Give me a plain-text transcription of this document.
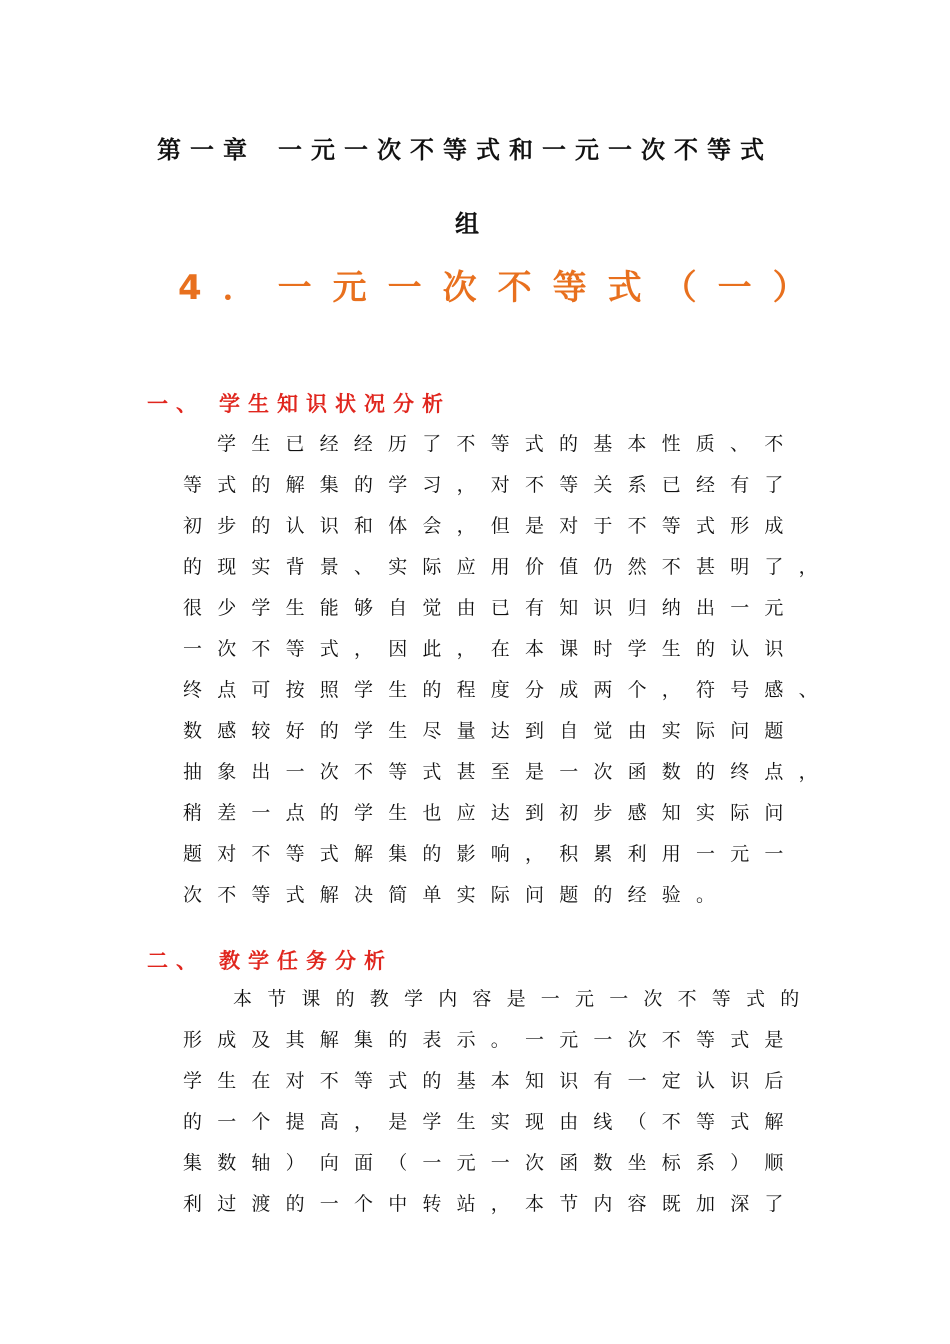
第一章 一元一次不等式和一元一次不等式
组
4．一元一次不等式（一）
一、 学生知识状况分析
学生已经经历了不等式的基本性质、不
等式的解集的学习，对不等关系已经有了
初步的认识和体会，但是对于不等式形成
的现实背景、实际应用价值仍然不甚明了，
很少学生能够自觉由已有知识归纳出一元
一次不等式，因此，在本课时学生的认识
终点可按照学生的程度分成两个，符号感、
数感较好的学生尽量达到自觉由实际问题
抽象出一次不等式甚至是一次函数的终点，
稍差一点的学生也应达到初步感知实际问
题对不等式解集的影响，积累利用一元一
次不等式解决简单实际问题的经验。
二、 教学任务分析
本节课的教学内容是一元一次不等式的
形成及其解集的表示。一元一次不等式是
学生在对不等式的基本知识有一定认识后
的一个提高，是学生实现由线（不等式解
集数轴）向面（一元一次函数坐标系）顺
利过渡的一个中转站，本节内容既加深了
